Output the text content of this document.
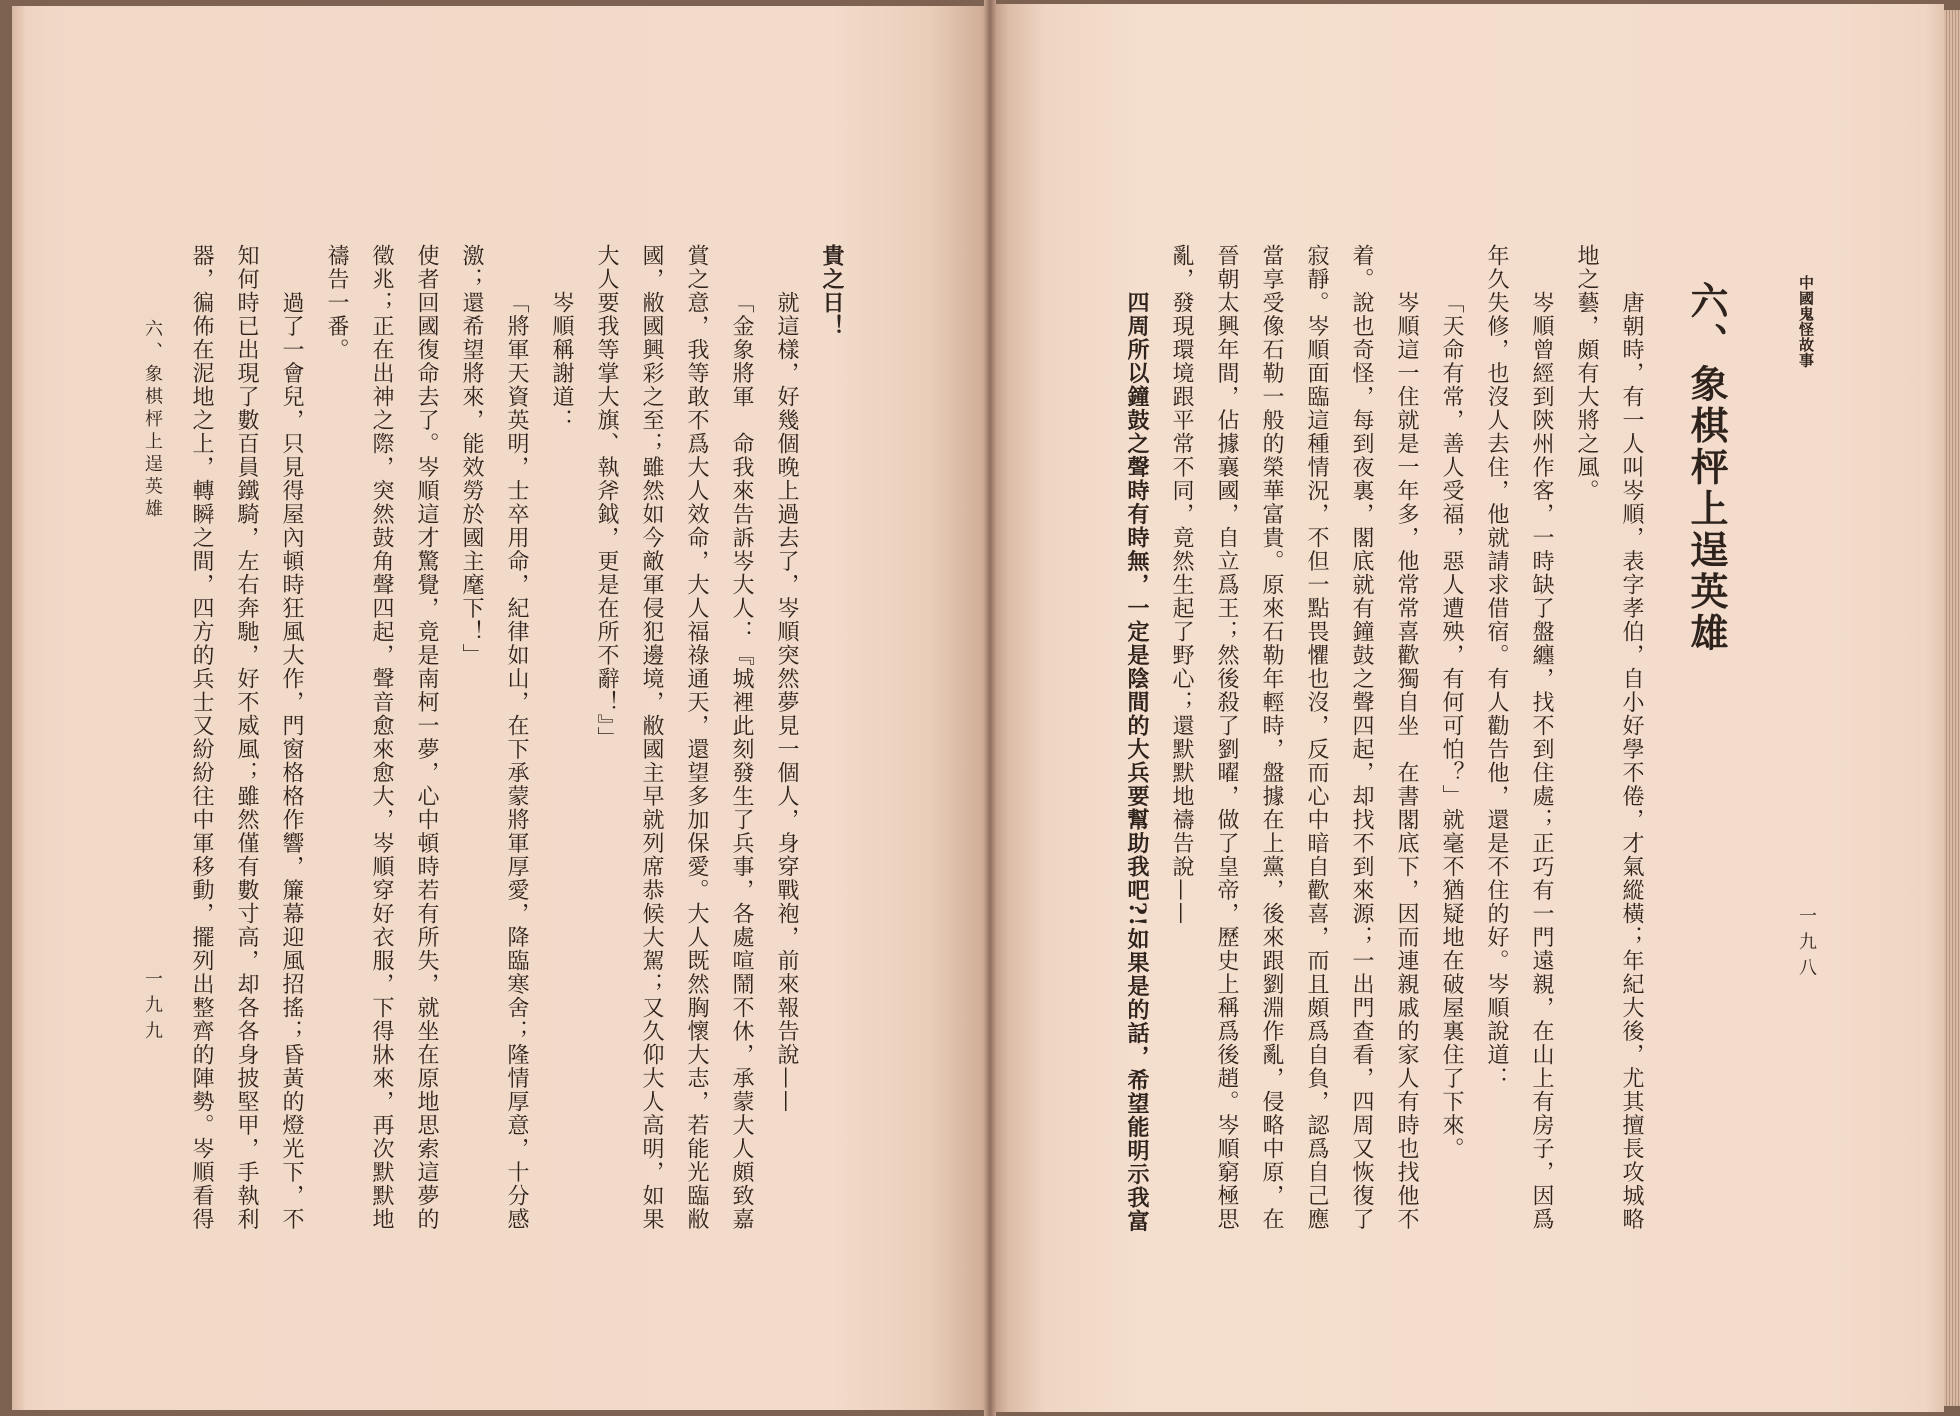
中國鬼怪故事
一九八
六、象棋枰上逞英雄
唐朝時，有一人叫岑順，表字孝伯，自小好學不倦，才氣縱橫；年紀大後，尤其擅長攻城略
地之藝，頗有大將之風。
岑順曾經到陝州作客，一時缺了盤纏，找不到住處；正巧有一門遠親，在山上有房子，因爲
年久失修，也沒人去住，他就請求借宿。有人勸告他，還是不住的好。岑順說道：
「天命有常，善人受福，惡人遭殃，有何可怕？」就毫不猶疑地在破屋裏住了下來。
岑順這一住就是一年多，他常常喜歡獨自坐　在書閣底下，因而連親戚的家人有時也找他不
着。說也奇怪，每到夜裏，閣底就有鐘鼓之聲四起，却找不到來源；一出門查看，四周又恢復了
寂靜。岑順面臨這種情況，不但一點畏懼也沒，反而心中暗自歡喜，而且頗爲自負，認爲自己應
當享受像石勒一般的榮華富貴。原來石勒年輕時，盤據在上黨，後來跟劉淵作亂，侵略中原，在
晉朝太興年間，佔據襄國，自立爲王；然後殺了劉曜，做了皇帝，歷史上稱爲後趙。岑順窮極思
亂，發現環境跟平常不同，竟然生起了野心；還默默地禱告說——
四周所以鐘鼓之聲時有時無，一定是陰間的大兵要幫助我吧?!如果是的話，希望能明示我富
貴之日！
就這樣，好幾個晚上過去了，岑順突然夢見一個人，身穿戰袍，前來報告說——
「金象將軍　命我來告訴岑大人：『城裡此刻發生了兵事，各處喧鬧不休，承蒙大人頗致嘉
賞之意，我等敢不爲大人效命，大人福祿通天，還望多加保愛。大人既然胸懷大志，若能光臨敝
國，敝國興彩之至；雖然如今敵軍侵犯邊境，敝國主早就列席恭候大駕；又久仰大人高明，如果
大人要我等掌大旗、執斧鉞，更是在所不辭！』」
岑順稱謝道：
「將軍天資英明，士卒用命，紀律如山，在下承蒙將軍厚愛，降臨寒舍；隆情厚意，十分感
激；還希望將來，能效勞於國主麾下！」
使者回國復命去了。岑順這才驚覺，竟是南柯一夢，心中頓時若有所失，就坐在原地思索這夢的
徵兆；正在出神之際，突然鼓角聲四起，聲音愈來愈大，岑順穿好衣服，下得牀來，再次默默地
禱告一番。
過了一會兒，只見得屋內頓時狂風大作，門窗格格作響，簾幕迎風招搖；昏黃的燈光下，不
知何時已出現了數百員鐵騎，左右奔馳，好不威風；雖然僅有數寸高，却各各身披堅甲，手執利
器，徧佈在泥地之上，轉瞬之間，四方的兵士又紛紛往中軍移動，擺列出整齊的陣勢。岑順看得
六、象棋枰上逞英雄
一九九
